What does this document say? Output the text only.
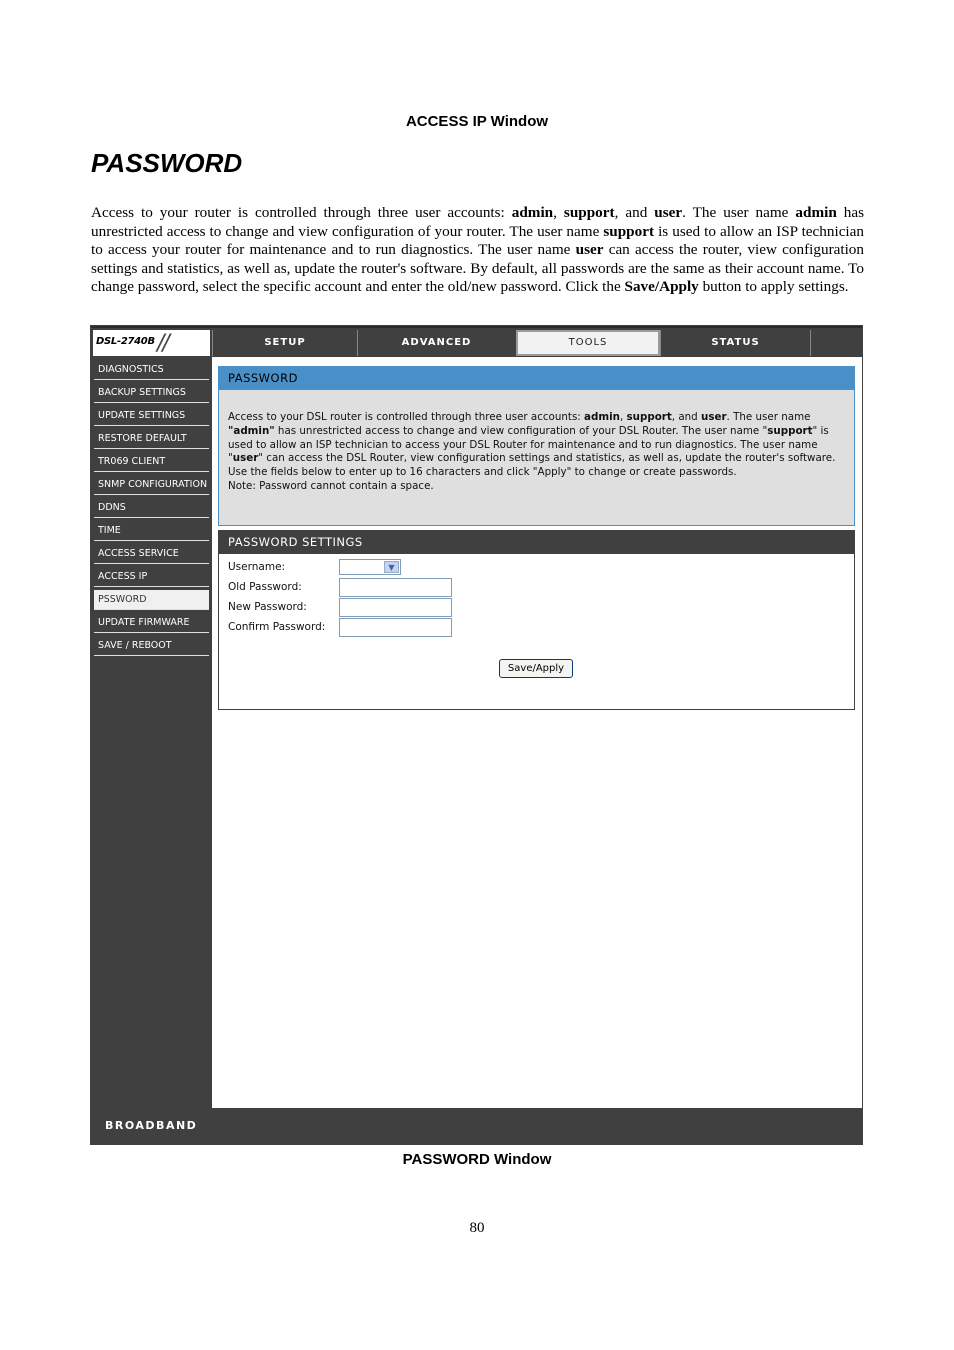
ACCESS IP Window
PASSWORD

Access to your router is controlled through three user accounts: admin, support, and user. The user name admin has unrestricted access to change and view configuration of your router. The user name support is used to allow an ISP technician to access your router for maintenance and to run diagnostics. The user name user can access the router, view configuration settings and statistics, as well as, update the router's software. By default, all passwords are the same as their account name. To change password, select the specific account and enter the old/new password. Click the Save/Apply button to apply settings.

DSL-2740B //	SETUP	ADVANCED	TOOLS	STATUS
DIAGNOSTICS
BACKUP SETTINGS
UPDATE SETTINGS
RESTORE DEFAULT
TR069 CLIENT
SNMP CONFIGURATION
DDNS
TIME
ACCESS SERVICE
ACCESS IP
PSSWORD
UPDATE FIRMWARE
SAVE / REBOOT
PASSWORD
Access to your DSL router is controlled through three user accounts: admin, support, and user. The user name "admin" has unrestricted access to change and view configuration of your DSL Router. The user name "support" is used to allow an ISP technician to access your DSL Router for maintenance and to run diagnostics. The user name "user" can access the DSL Router, view configuration settings and statistics, as well as, update the router's software. Use the fields below to enter up to 16 characters and click "Apply" to change or create passwords.
Note: Password cannot contain a space.
PASSWORD SETTINGS
Username:	▼
Old Password:
New Password:
Confirm Password:
Save/Apply
BROADBAND
PASSWORD Window
80
